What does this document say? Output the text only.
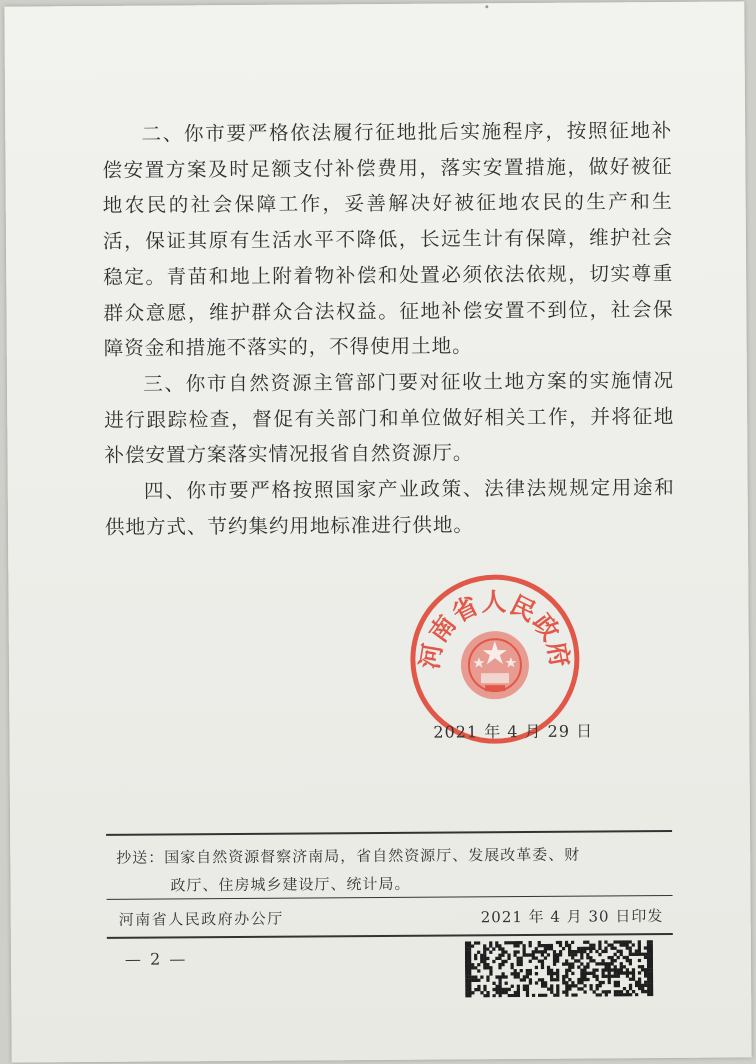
二、你市要严格依法履行征地批后实施程序，按照征地补偿安置方案及时足额支付补偿费用，落实安置措施，做好被征地农民的社会保障工作，妥善解决好被征地农民的生产和生活，保证其原有生活水平不降低，长远生计有保障，维护社会稳定。青苗和地上附着物补偿和处置必须依法依规，切实尊重群众意愿，维护群众合法权益。征地补偿安置不到位，社会保障资金和措施不落实的，不得使用土地。

三、你市自然资源主管部门要对征收土地方案的实施情况进行跟踪检查，督促有关部门和单位做好相关工作，并将征地补偿安置方案落实情况报省自然资源厅。

四、你市要严格按照国家产业政策、法律法规规定用途和供地方式、节约集约用地标准进行供地。

河南省人民政府
2021 年 4 月 29 日
抄送：国家自然资源督察济南局，省自然资源厅、发展改革委、财
政厅、住房城乡建设厅、统计局。
河南省人民政府办公厅	2021 年 4 月 30 日印发
— 2 —
